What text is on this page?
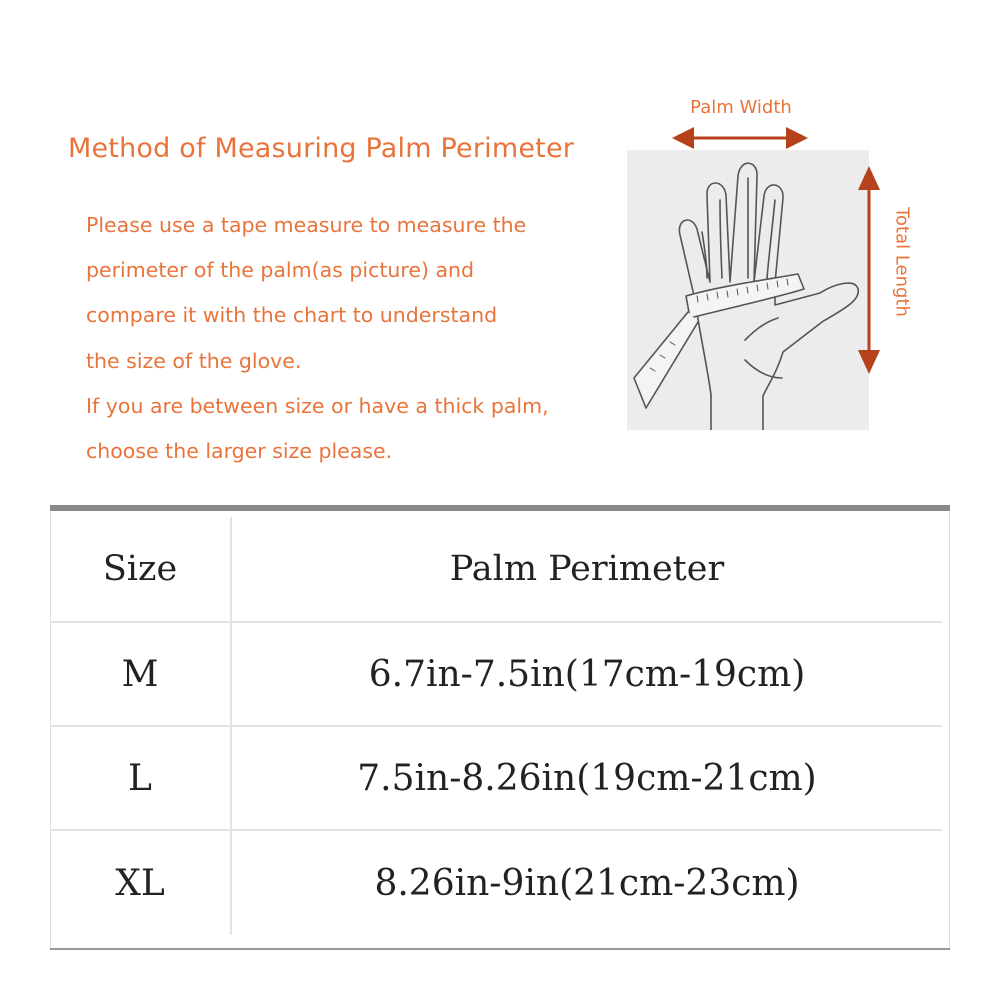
Method of Measuring Palm Perimeter
Please use a tape measure to measure the
perimeter of the palm(as picture) and
compare it with the chart to understand
the size of the glove.
If you are between size or have a thick palm,
choose the larger size please.
Palm Width
Total Length
Size	Palm Perimeter
M	6.7in-7.5in(17cm-19cm)
L	7.5in-8.26in(19cm-21cm)
XL	8.26in-9in(21cm-23cm)
